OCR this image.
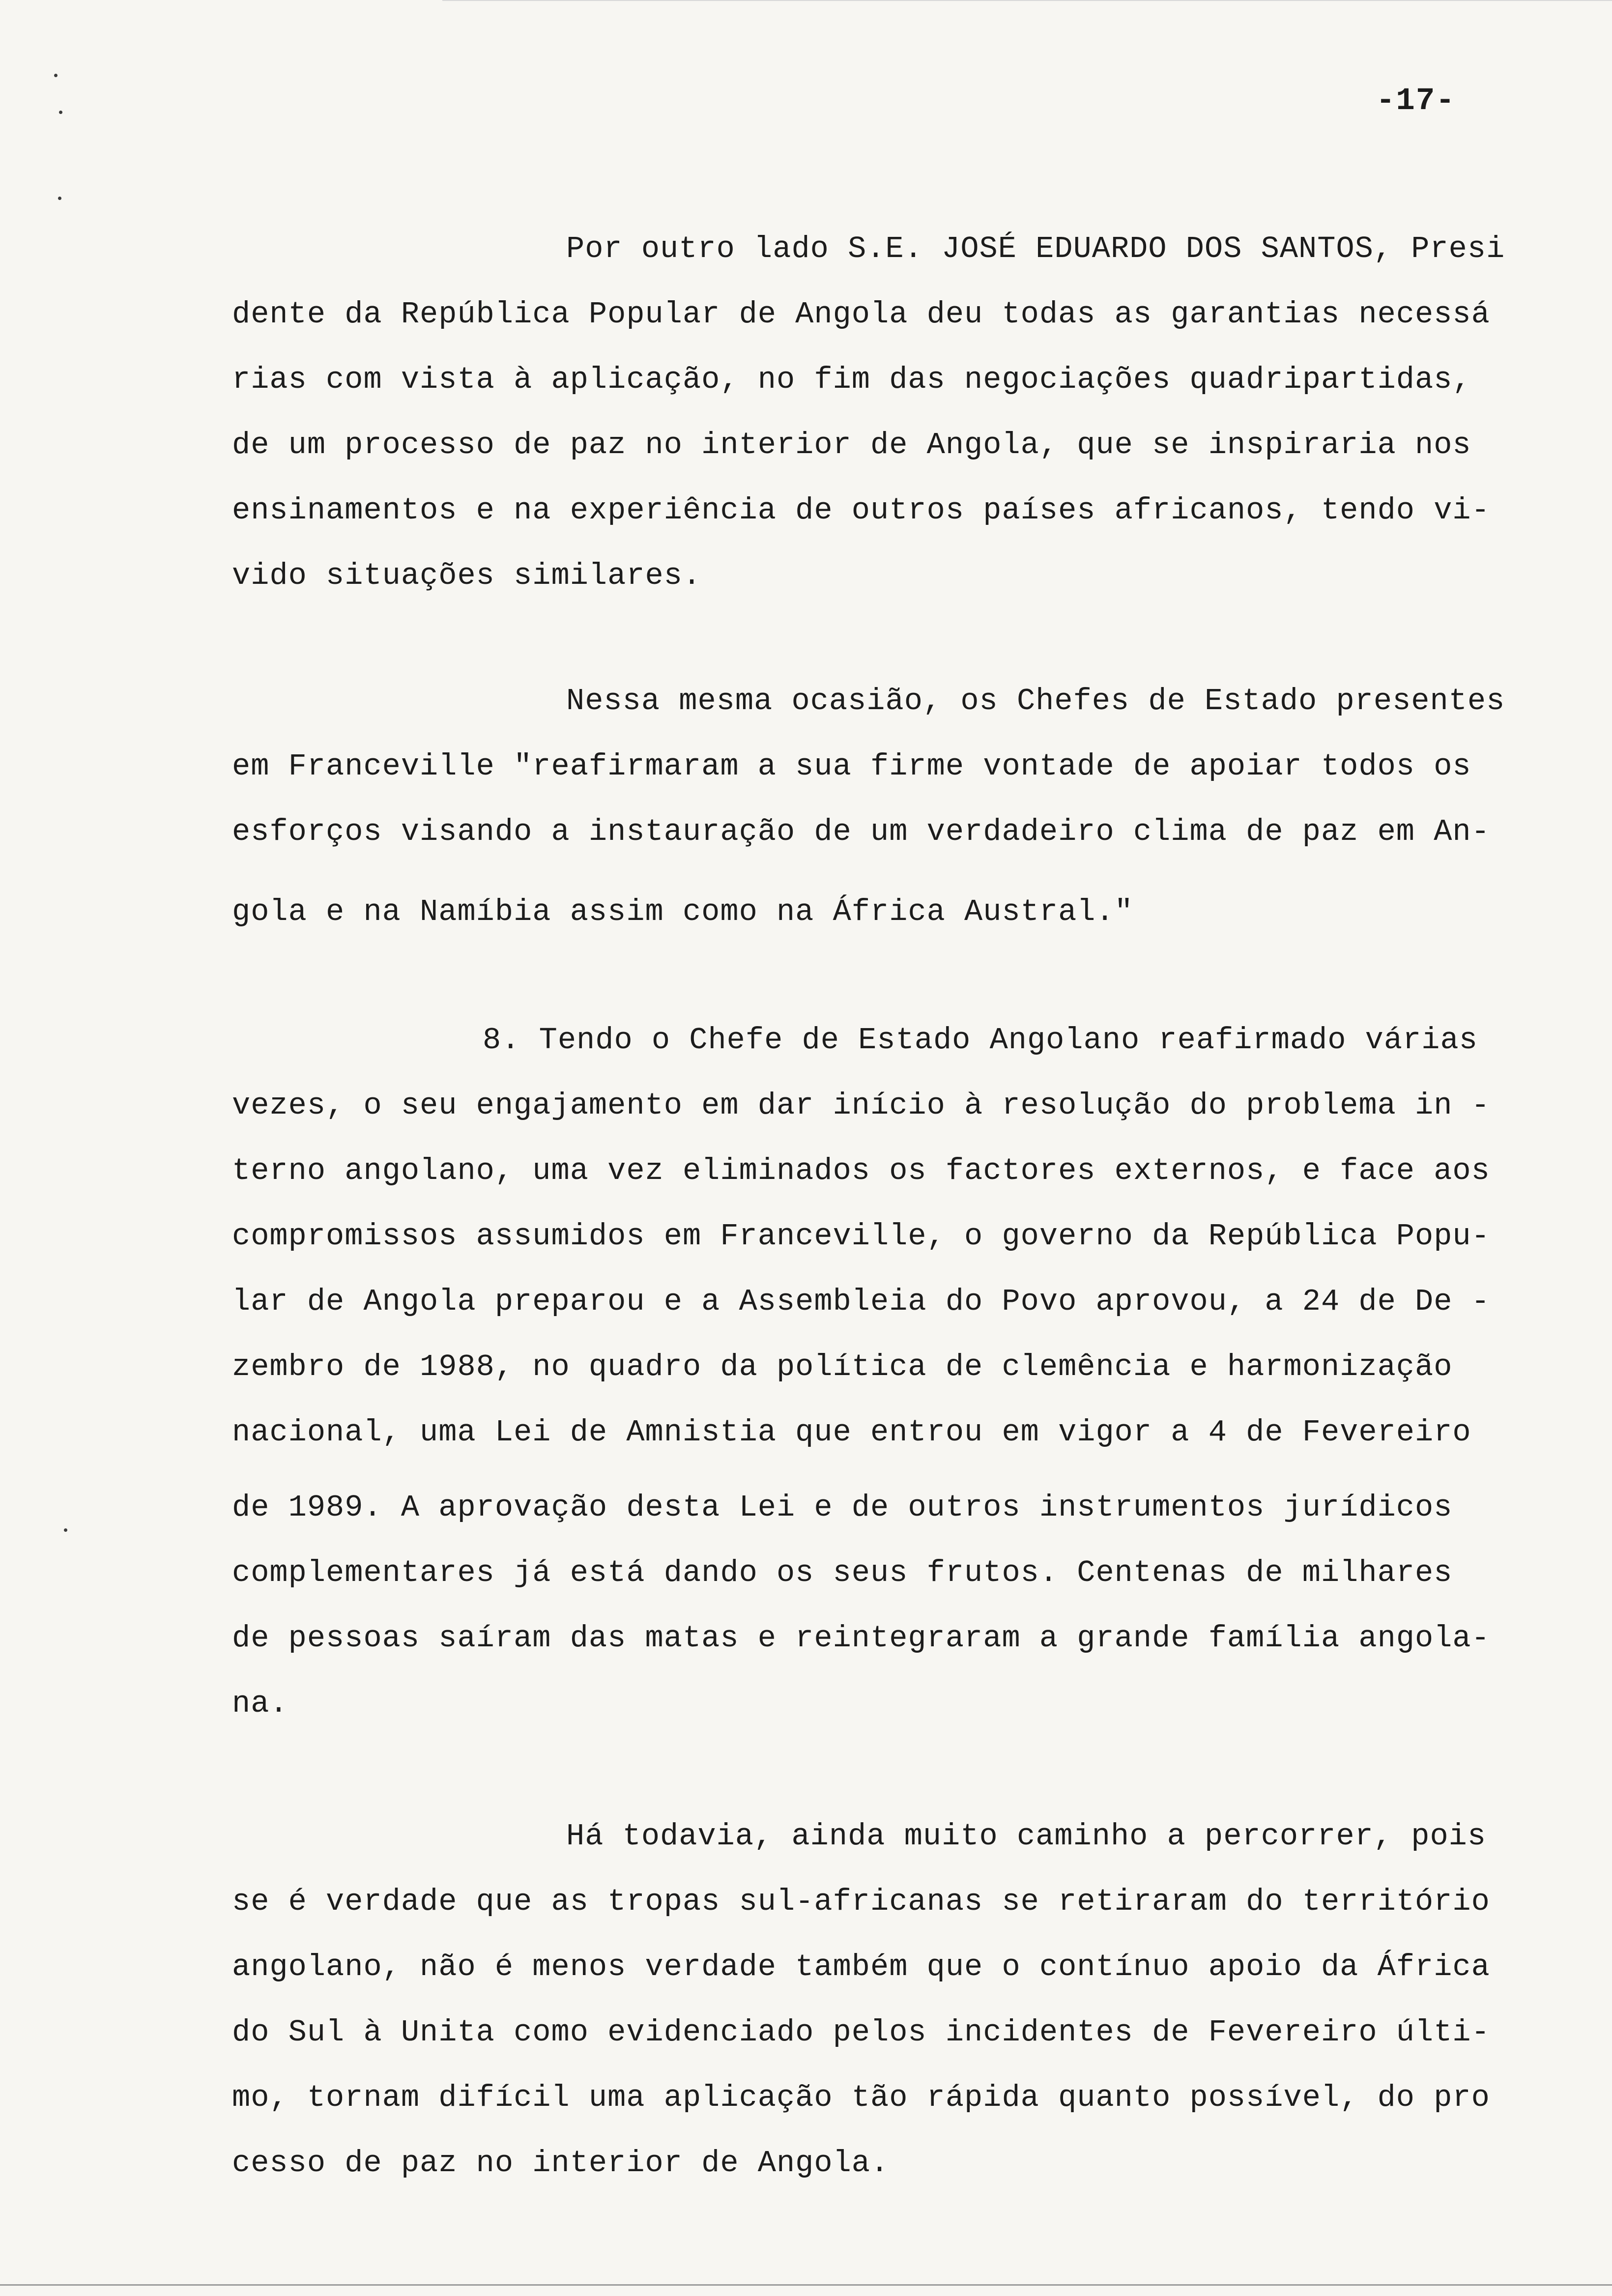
-17-

Por outro lado S.E. JOSÉ EDUARDO DOS SANTOS, Presi
dente da República Popular de Angola deu todas as garantias necessá
rias com vista à aplicação, no fim das negociações quadripartidas,
de um processo de paz no interior de Angola, que se inspiraria nos
ensinamentos e na experiência de outros países africanos, tendo vi-
vido situações similares.

Nessa mesma ocasião, os Chefes de Estado presentes
em Franceville "reafirmaram a sua firme vontade de apoiar todos os
esforços visando a instauração de um verdadeiro clima de paz em An-
gola e na Namíbia assim como na África Austral."

8. Tendo o Chefe de Estado Angolano reafirmado várias
vezes, o seu engajamento em dar início à resolução do problema in -
terno angolano, uma vez eliminados os factores externos, e face aos
compromissos assumidos em Franceville, o governo da República Popu-
lar de Angola preparou e a Assembleia do Povo aprovou, a 24 de De -
zembro de 1988, no quadro da política de clemência e harmonização
nacional, uma Lei de Amnistia que entrou em vigor a 4 de Fevereiro
de 1989. A aprovação desta Lei e de outros instrumentos jurídicos
complementares já está dando os seus frutos. Centenas de milhares
de pessoas saíram das matas e reintegraram a grande família angola-
na.

Há todavia, ainda muito caminho a percorrer, pois
se é verdade que as tropas sul-africanas se retiraram do território
angolano, não é menos verdade também que o contínuo apoio da África
do Sul à Unita como evidenciado pelos incidentes de Fevereiro últi-
mo, tornam difícil uma aplicação tão rápida quanto possível, do pro
cesso de paz no interior de Angola.
